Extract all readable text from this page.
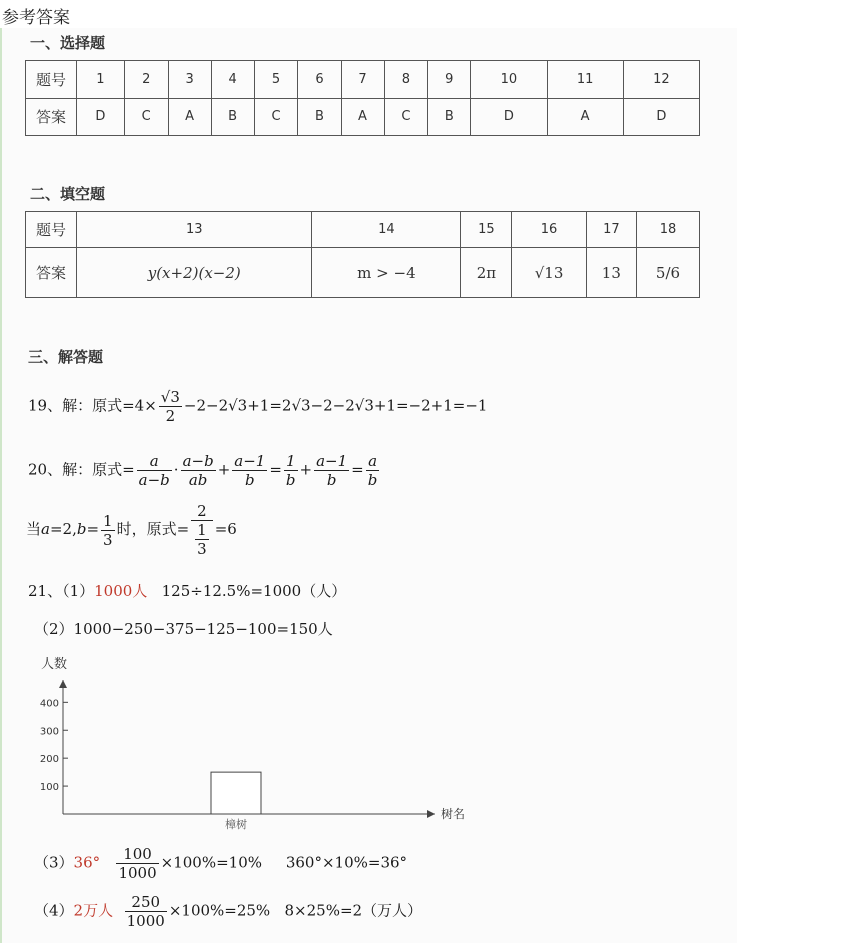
参考答案
一、选择题
题号	1	2	3	4	5	6	7	8	9	10	11	12
答案	D	C	A	B	C	B	A	C	B	D	A	D
二、填空题
题号	13	14	15	16	17	18
答案	y(x+2)(x−2)	m > −4	2π	√13	13	5/6
三、解答题
19、解：原式$=4\times \frac{√3}{2} -2-2√3+1=2√3-2-2√3+1=-2+1=-1$
20、解：原式= $\frac{a}{a-b} \cdot \frac{a-b}{ab} + \frac{a-1}{b} = \frac{1}{b} + \frac{a-1}{b} = \frac{a}{b}$
当$a=2,b= \frac{1}{3}$ 时，原式= $\frac{2}{\frac{1}{3}} =6$
21、（1）1000人   125÷12.5%=1000（人）
（2）1000−250−375−125−100=150人
人数
树名
100
200
300
400
樟树
$(3)36^\circ \frac{100}{1000} \times 100\%=10\%$     360°×10%=36°
（4）2万人 $\frac{250}{1000} \times 100\%=25\%$   8×25%=2（万人）
